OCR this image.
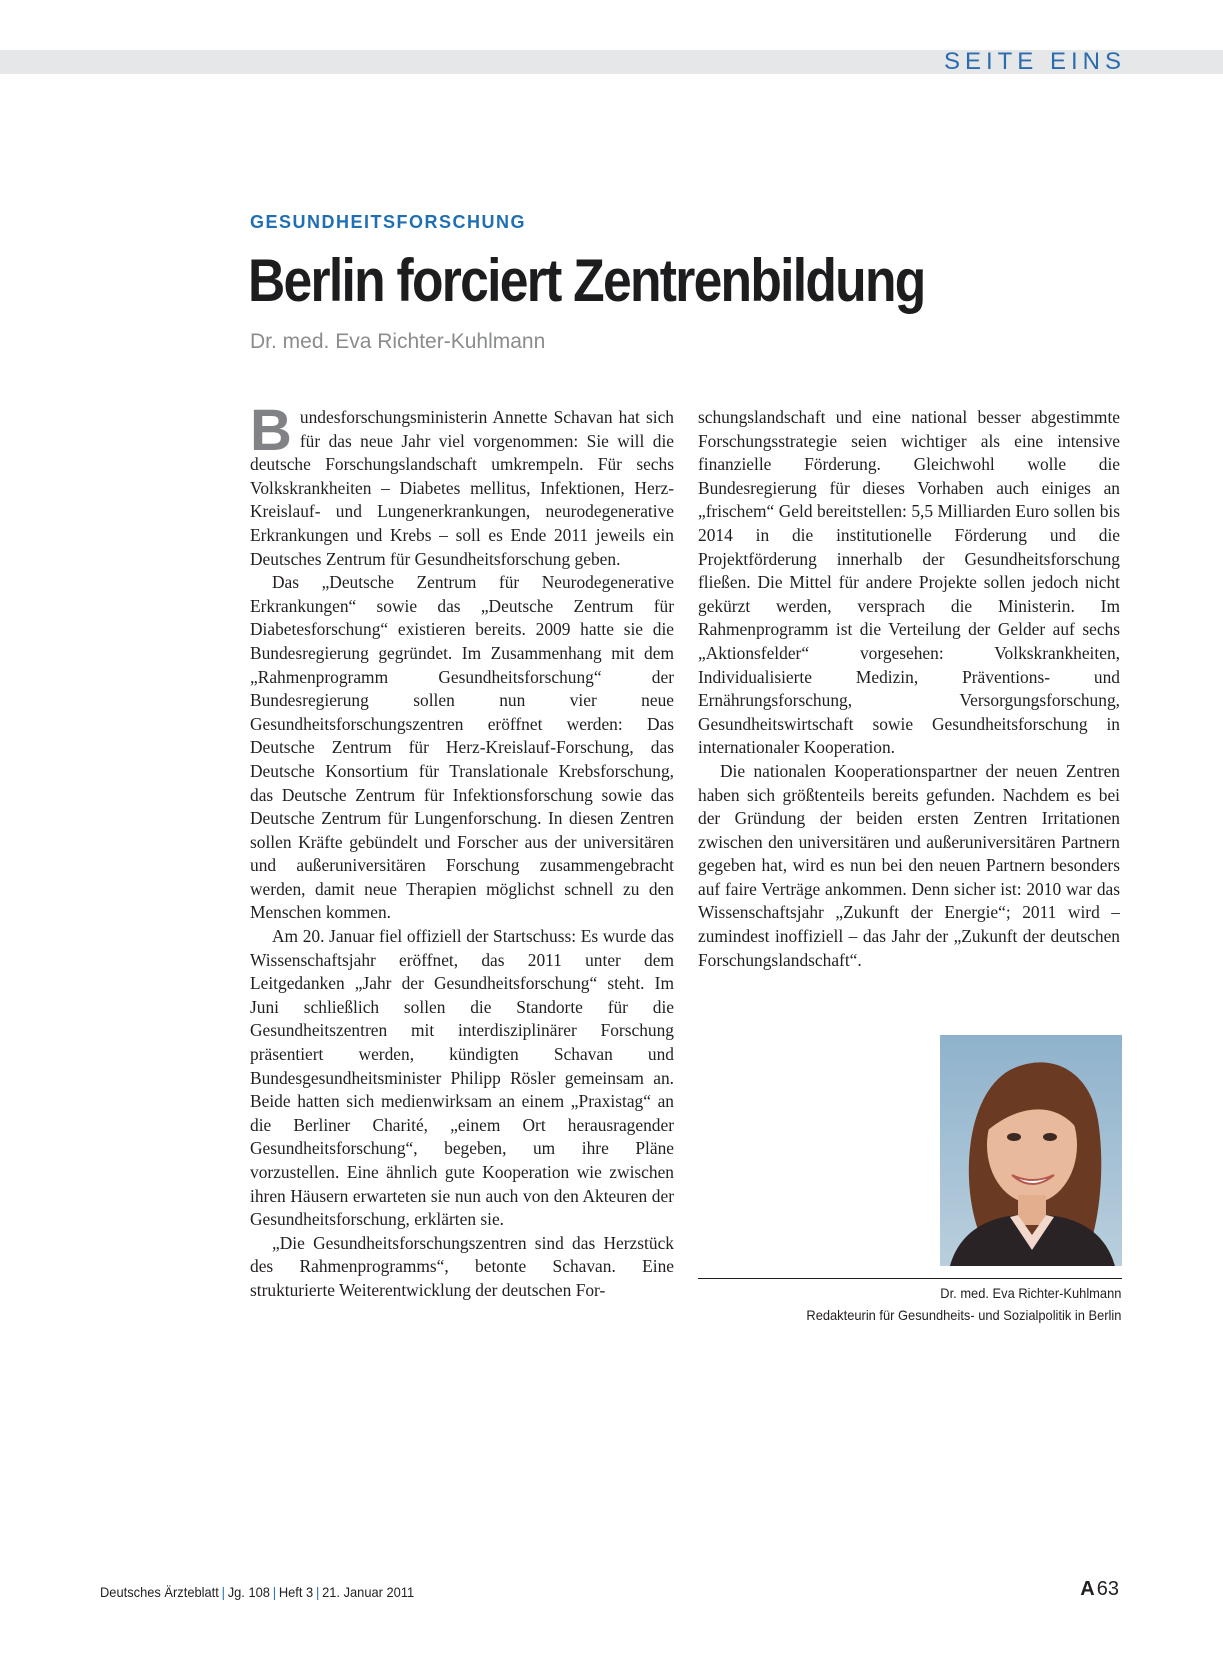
SEITE EINS
GESUNDHEITSFORSCHUNG
Berlin forciert Zentrenbildung
Dr. med. Eva Richter-Kuhlmann

Bundesforschungsministerin Annette Schavan hat sich für das neue Jahr viel vorgenommen: Sie will die deutsche Forschungslandschaft umkrempeln. Für sechs Volkskrankheiten – Diabetes mellitus, Infektionen, Herz-Kreislauf- und Lungenerkrankungen, neurodegenerative Erkrankungen und Krebs – soll es Ende 2011 jeweils ein Deutsches Zentrum für Gesundheitsforschung geben.

Das „Deutsche Zentrum für Neurodegenerative Erkrankungen“ sowie das „Deutsche Zentrum für Diabetesforschung“ existieren bereits. 2009 hatte sie die Bundesregierung gegründet. Im Zusammenhang mit dem „Rahmenprogramm Gesundheitsforschung“ der Bundesregierung sollen nun vier neue Gesundheitsforschungszentren eröffnet werden: Das Deutsche Zentrum für Herz-Kreislauf-Forschung, das Deutsche Konsortium für Translationale Krebsforschung, das Deutsche Zentrum für Infektionsforschung sowie das Deutsche Zentrum für Lungenforschung. In diesen Zentren sollen Kräfte gebündelt und Forscher aus der universitären und außeruniversitären Forschung zusammengebracht werden, damit neue Therapien möglichst schnell zu den Menschen kommen.

Am 20. Januar fiel offiziell der Startschuss: Es wurde das Wissenschaftsjahr eröffnet, das 2011 unter dem Leitgedanken „Jahr der Gesundheitsforschung“ steht. Im Juni schließlich sollen die Standorte für die Gesundheitszentren mit interdisziplinärer Forschung präsentiert werden, kündigten Schavan und Bundesgesundheitsminister Philipp Rösler gemeinsam an. Beide hatten sich medienwirksam an einem „Praxistag“ an die Berliner Charité, „einem Ort herausragender Gesundheitsforschung“, begeben, um ihre Pläne vorzustellen. Eine ähnlich gute Kooperation wie zwischen ihren Häusern erwarteten sie nun auch von den Akteuren der Gesundheitsforschung, erklärten sie.

„Die Gesundheitsforschungszentren sind das Herzstück des Rahmenprogramms“, betonte Schavan. Eine strukturierte Weiterentwicklung der deutschen For-

schungslandschaft und eine national besser abgestimmte Forschungsstrategie seien wichtiger als eine intensive finanzielle Förderung. Gleichwohl wolle die Bundesregierung für dieses Vorhaben auch einiges an „frischem“ Geld bereitstellen: 5,5 Milliarden Euro sollen bis 2014 in die institutionelle Förderung und die Projektförderung innerhalb der Gesundheitsforschung fließen. Die Mittel für andere Projekte sollen jedoch nicht gekürzt werden, versprach die Ministerin. Im Rahmenprogramm ist die Verteilung der Gelder auf sechs „Aktionsfelder“ vorgesehen: Volkskrankheiten, Individualisierte Medizin, Präventions- und Ernährungsforschung, Versorgungsforschung, Gesundheitswirtschaft sowie Gesundheitsforschung in internationaler Kooperation.

Die nationalen Kooperationspartner der neuen Zentren haben sich größtenteils bereits gefunden. Nachdem es bei der Gründung der beiden ersten Zentren Irritationen zwischen den universitären und außeruniversitären Partnern gegeben hat, wird es nun bei den neuen Partnern besonders auf faire Verträge ankommen. Denn sicher ist: 2010 war das Wissenschaftsjahr „Zukunft der Energie“; 2011 wird – zumindest inoffiziell – das Jahr der „Zukunft der deutschen Forschungslandschaft“.

Dr. med. Eva Richter-Kuhlmann
Redakteurin für Gesundheits- und Sozialpolitik in Berlin
Deutsches Ärzteblatt | Jg. 108 | Heft 3 | 21. Januar 2011	A 63
